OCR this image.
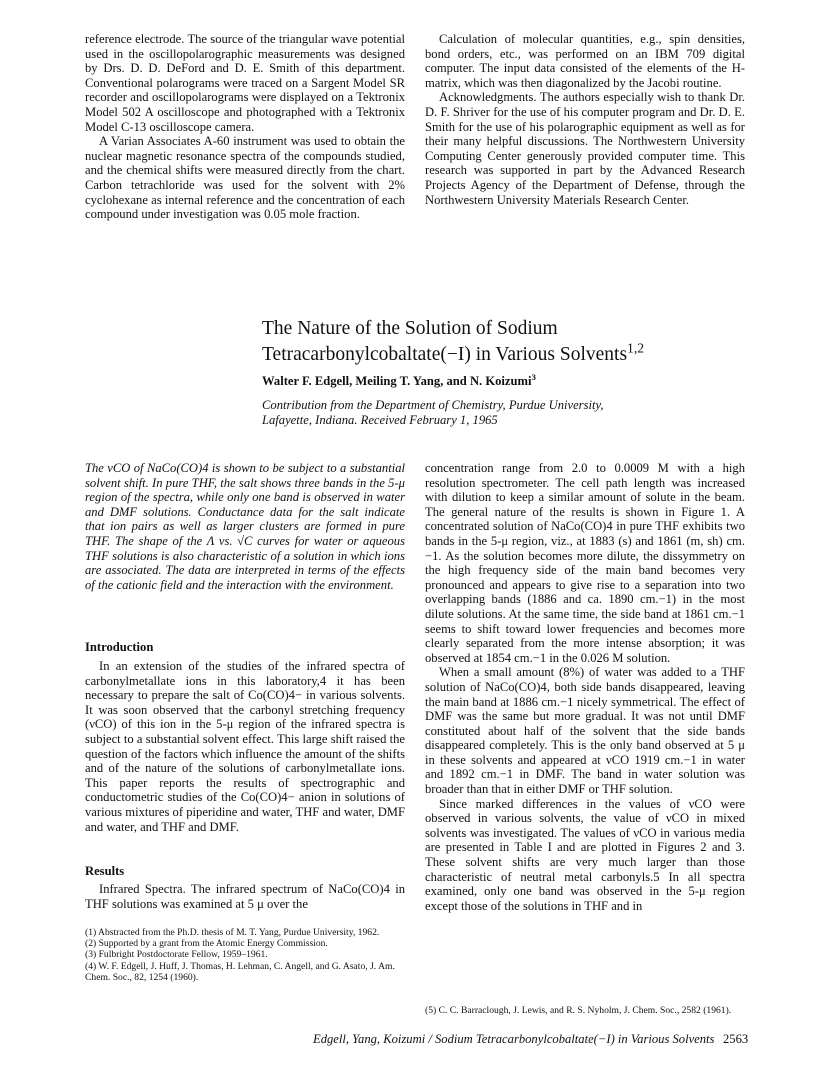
reference electrode. The source of the triangular wave potential used in the oscillopolarographic measurements was designed by Drs. D. D. DeFord and D. E. Smith of this department. Conventional polarograms were traced on a Sargent Model SR recorder and oscillopolarograms were displayed on a Tektronix Model 502 A oscilloscope and photographed with a Tektronix Model C-13 oscilloscope camera.

A Varian Associates A-60 instrument was used to obtain the nuclear magnetic resonance spectra of the compounds studied, and the chemical shifts were measured directly from the chart. Carbon tetrachloride was used for the solvent with 2% cyclohexane as internal reference and the concentration of each compound under investigation was 0.05 mole fraction.

Calculation of molecular quantities, e.g., spin densities, bond orders, etc., was performed on an IBM 709 digital computer. The input data consisted of the elements of the H-matrix, which was then diagonalized by the Jacobi routine.

Acknowledgments. The authors especially wish to thank Dr. D. F. Shriver for the use of his computer program and Dr. D. E. Smith for the use of his polarographic equipment as well as for their many helpful discussions. The Northwestern University Computing Center generously provided computer time. This research was supported in part by the Advanced Research Projects Agency of the Department of Defense, through the Northwestern University Materials Research Center.

The Nature of the Solution of Sodium
Tetracarbonylcobaltate(−I) in Various Solvents$^{1,2}$
Walter F. Edgell, Meiling T. Yang, and N. Koizumi$^3$
Contribution from the Department of Chemistry, Purdue University,
Lafayette, Indiana. Received February 1, 1965

The νCO of NaCo(CO)4 is shown to be subject to a substantial solvent shift. In pure THF, the salt shows three bands in the 5-μ region of the spectra, while only one band is observed in water and DMF solutions. Conductance data for the salt indicate that ion pairs as well as larger clusters are formed in pure THF. The shape of the Λ vs. √C curves for water or aqueous THF solutions is also characteristic of a solution in which ions are associated. The data are interpreted in terms of the effects of the cationic field and the interaction with the environment.

Introduction

In an extension of the studies of the infrared spectra of carbonylmetallate ions in this laboratory,4 it has been necessary to prepare the salt of Co(CO)4− in various solvents. It was soon observed that the carbonyl stretching frequency (νCO) of this ion in the 5-μ region of the infrared spectra is subject to a substantial solvent effect. This large shift raised the question of the factors which influence the amount of the shifts and of the nature of the solutions of carbonylmetallate ions. This paper reports the results of spectrographic and conductometric studies of the Co(CO)4− anion in solutions of various mixtures of piperidine and water, THF and water, DMF and water, and THF and DMF.

Results

Infrared Spectra. The infrared spectrum of NaCo(CO)4 in THF solutions was examined at 5 μ over the

(1) Abstracted from the Ph.D. thesis of M. T. Yang, Purdue University, 1962.

(2) Supported by a grant from the Atomic Energy Commission.

(3) Fulbright Postdoctorate Fellow, 1959–1961.

(4) W. F. Edgell, J. Huff, J. Thomas, H. Lehman, C. Angell, and G. Asato, J. Am. Chem. Soc., 82, 1254 (1960).

concentration range from 2.0 to 0.0009 M with a high resolution spectrometer. The cell path length was increased with dilution to keep a similar amount of solute in the beam. The general nature of the results is shown in Figure 1. A concentrated solution of NaCo(CO)4 in pure THF exhibits two bands in the 5-μ region, viz., at 1883 (s) and 1861 (m, sh) cm.−1. As the solution becomes more dilute, the dissymmetry on the high frequency side of the main band becomes very pronounced and appears to give rise to a separation into two overlapping bands (1886 and ca. 1890 cm.−1) in the most dilute solutions. At the same time, the side band at 1861 cm.−1 seems to shift toward lower frequencies and becomes more clearly separated from the more intense absorption; it was observed at 1854 cm.−1 in the 0.026 M solution.

When a small amount (8%) of water was added to a THF solution of NaCo(CO)4, both side bands disappeared, leaving the main band at 1886 cm.−1 nicely symmetrical. The effect of DMF was the same but more gradual. It was not until DMF constituted about half of the solvent that the side bands disappeared completely. This is the only band observed at 5 μ in these solvents and appeared at νCO 1919 cm.−1 in water and 1892 cm.−1 in DMF. The band in water solution was broader than that in either DMF or THF solution.

Since marked differences in the values of νCO were observed in various solvents, the value of νCO in mixed solvents was investigated. The values of νCO in various media are presented in Table I and are plotted in Figures 2 and 3. These solvent shifts are very much larger than those characteristic of neutral metal carbonyls.5 In all spectra examined, only one band was observed in the 5-μ region except those of the solutions in THF and in

(5) C. C. Barraclough, J. Lewis, and R. S. Nyholm, J. Chem. Soc., 2582 (1961).
Edgell, Yang, Koizumi / Sodium Tetracarbonylcobaltate(−I) in Various Solvents 2563
